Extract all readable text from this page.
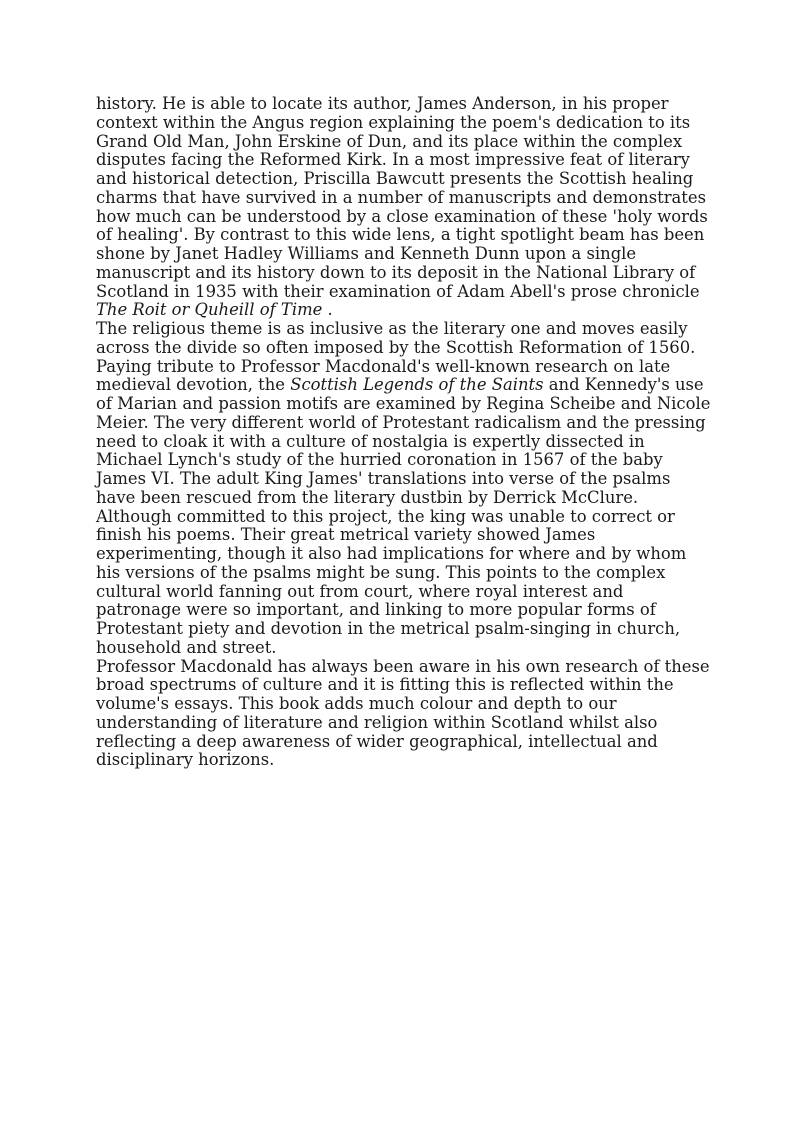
history. He is able to locate its author, James Anderson, in his proper
context within the Angus region explaining the poem's dedication to its
Grand Old Man, John Erskine of Dun, and its place within the complex
disputes facing the Reformed Kirk. In a most impressive feat of literary
and historical detection, Priscilla Bawcutt presents the Scottish healing
charms that have survived in a number of manuscripts and demonstrates
how much can be understood by a close examination of these 'holy words
of healing'. By contrast to this wide lens, a tight spotlight beam has been
shone by Janet Hadley Williams and Kenneth Dunn upon a single
manuscript and its history down to its deposit in the National Library of
Scotland in 1935 with their examination of Adam Abell's prose chronicle
The Roit or Quheill of Time .
The religious theme is as inclusive as the literary one and moves easily
across the divide so often imposed by the Scottish Reformation of 1560.
Paying tribute to Professor Macdonald's well-known research on late
medieval devotion, the Scottish Legends of the Saints and Kennedy's use
of Marian and passion motifs are examined by Regina Scheibe and Nicole
Meier. The very different world of Protestant radicalism and the pressing
need to cloak it with a culture of nostalgia is expertly dissected in
Michael Lynch's study of the hurried coronation in 1567 of the baby
James VI. The adult King James' translations into verse of the psalms
have been rescued from the literary dustbin by Derrick McClure.
Although committed to this project, the king was unable to correct or
finish his poems. Their great metrical variety showed James
experimenting, though it also had implications for where and by whom
his versions of the psalms might be sung. This points to the complex
cultural world fanning out from court, where royal interest and
patronage were so important, and linking to more popular forms of
Protestant piety and devotion in the metrical psalm-singing in church,
household and street.
Professor Macdonald has always been aware in his own research of these
broad spectrums of culture and it is fitting this is reflected within the
volume's essays. This book adds much colour and depth to our
understanding of literature and religion within Scotland whilst also
reflecting a deep awareness of wider geographical, intellectual and
disciplinary horizons.
